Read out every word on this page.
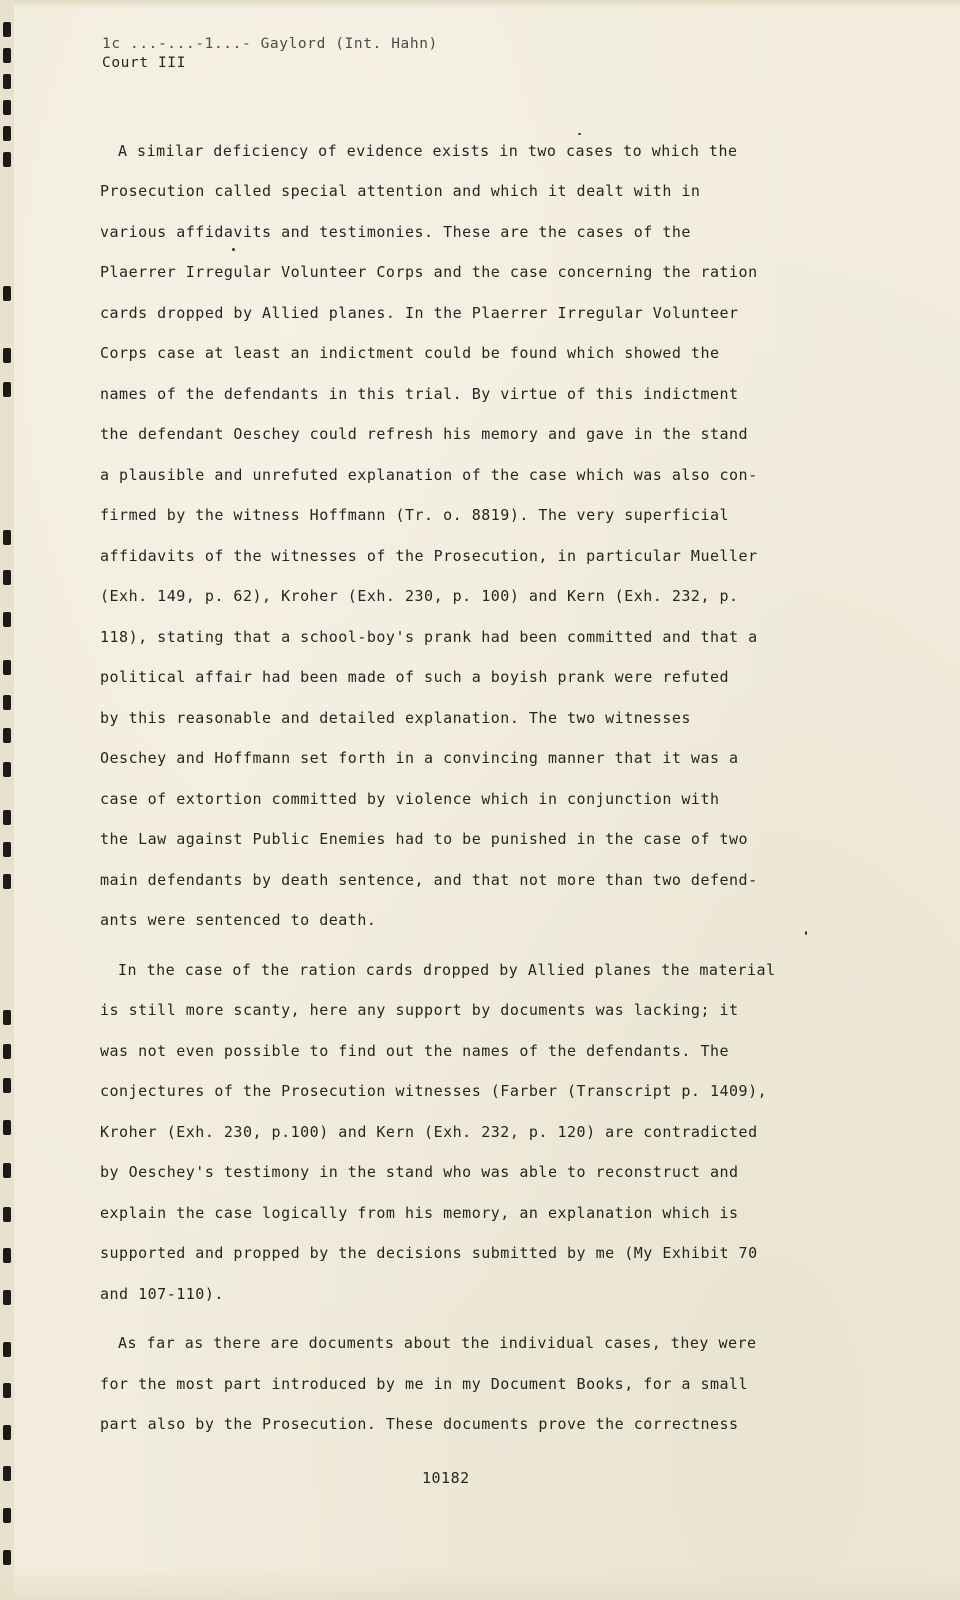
1c ...-...-1...- Gaylord (Int. Hahn)
Court III
A similar deficiency of evidence exists in two cases to which the
Prosecution called special attention and which it dealt with in
various affidavits and testimonies. These are the cases of the
Plaerrer Irregular Volunteer Corps and the case concerning the ration
cards dropped by Allied planes. In the Plaerrer Irregular Volunteer
Corps case at least an indictment could be found which showed the
names of the defendants in this trial. By virtue of this indictment
the defendant Oeschey could refresh his memory and gave in the stand
a plausible and unrefuted explanation of the case which was also con-
firmed by the witness Hoffmann (Tr. o. 8819). The very superficial
affidavits of the witnesses of the Prosecution, in particular Mueller
(Exh. 149, p. 62), Kroher (Exh. 230, p. 100) and Kern (Exh. 232, p.
118), stating that a school-boy's prank had been committed and that a
political affair had been made of such a boyish prank were refuted
by this reasonable and detailed explanation. The two witnesses
Oeschey and Hoffmann set forth in a convincing manner that it was a
case of extortion committed by violence which in conjunction with
the Law against Public Enemies had to be punished in the case of two
main defendants by death sentence, and that not more than two defend-
ants were sentenced to death.
In the case of the ration cards dropped by Allied planes the material
is still more scanty, here any support by documents was lacking; it
was not even possible to find out the names of the defendants. The
conjectures of the Prosecution witnesses (Farber (Transcript p. 1409),
Kroher (Exh. 230, p.100) and Kern (Exh. 232, p. 120) are contradicted
by Oeschey's testimony in the stand who was able to reconstruct and
explain the case logically from his memory, an explanation which is
supported and propped by the decisions submitted by me (My Exhibit 70
and 107-110).
As far as there are documents about the individual cases, they were
for the most part introduced by me in my Document Books, for a small
part also by the Prosecution. These documents prove the correctness
10182
